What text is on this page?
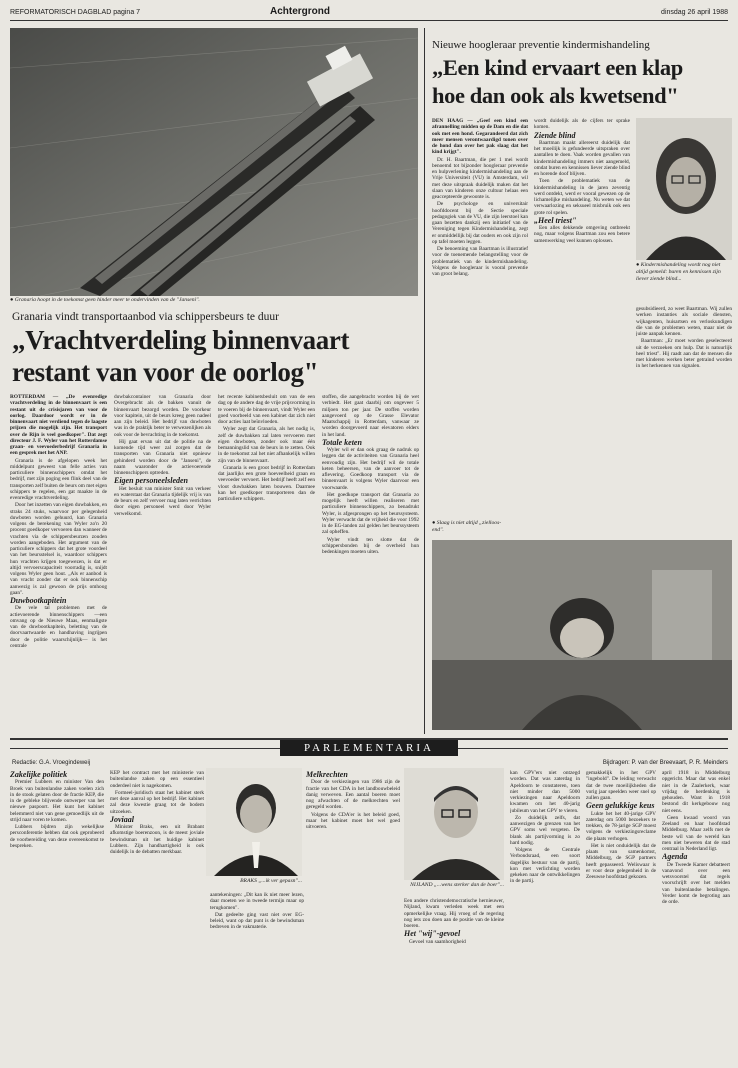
REFORMATORISCH DAGBLAD pagina 7	Achtergrond	dinsdag 26 april 1988
● Granaria hoopt in de toekomst geen hinder meer te ondervinden van de "Janseni".
Granaria vindt transportaanbod via schippersbeurs te duur
„Vrachtverdeling binnenvaart
restant van voor de oorlog"

ROTTERDAM — „De evenredige vrachtverdeling in de binnenvaart is een restant uit de crisisjaren van voor de oorlog. Daardoor wordt er in de binnenvaart niet verdiend tegen de laagste prijzen die mogelijk zijn. Het transport over de Rijn is veel goedkoper". Dat zegt directeur J. F. Wyler van het Rotterdamse graan- en veevoederbedrijf Granaria in een gesprek met het ANP.

Granaria is de afgelopen week het middelpunt geweest van felle acties van particuliere binnenschippers omdat het bedrijf, met zijn poging een flink deel van de transporten zelf buiten de beurs om met eigen schippers te regelen, een gat maakte in de evenredige vrachtverdeling.

Door het inzetten van eigen duwbakken, en straks 24 stuks, waarvoor per gelegenheid duwboten worden gehuurd, kan Granaria volgens de berekening van Wyler zo'n 20 procent goedkoper vervoeren dan wanneer de vrachten via de schippersbeurzen zouden worden aangeboden. Het argument van de particuliere schippers dat het grote voordeel van het beursstelsel is, waardoor schippers hun vrachten krijgen toegewezen, is dat er altijd vervoerscapaciteit voorradig is, snijdt volgens Wyler geen hout. „Als er aanbod is van vracht zonder dat er ook binnenschip aanwezig is zal gewoon de prijs omhoog gaan".

Duwbootkapitein

De vele tal problemen met de actievoerende binnenschippers —een omvang op de Nieuwe Maas, eenmaligste van de duwbootkapitein, beletting van de doorvaartwaarde en handhaving ingrijpen door de politie waarschijnlijk— is het centrale

duwbakcontainer van Granaria door Overgebracht als de bakken vanuit de binnenvaart bezorgd worden. De voorkeur voor kapitein, uit de beurs kreeg geen nadeel aan zijn beleid. Het bedrijf van duwboten was in de praktijk beter te verwezenlijken als ook voor de bevrachting in de toekomst.

Hij gaat ervan uit dat de politie na de komende tijd weer zal zorgen dat de transporten van Granaria niet opnieuw gehinderd worden door de "Janseni", de naam waaronder de actievoerende binnenschippers optreden.

Eigen personeelsleden

Het besluit van minister Smit van verkeer en waterstaat dat Granaria tijdelijk vrij is van de beurs en zelf vervoer mag laten verrichten door eigen personeel werd door Wyler verwelkomd.

het recente kabinetsbesluit om van de een dag op de andere dag de vrije prijsvorming in te voeren bij de binnenvaart, vindt Wyler een goed voorbeeld van een kabinet dat zich niet door acties laat beïnvloeden.

Wyler zegt dat Granaria, als het nodig is, zelf de duwbakken zal laten vervoeren met eigen duwboten, zonder ook maar één bemanningslid van de beurs in te zetten. Ook in de toekomst zal het niet afhankelijk willen zijn van de binnenvaart.

Granaria is een groot bedrijf in Rotterdam dat jaarlijks een grote hoeveelheid graan en veevoeder vervoert. Het bedrijf heeft zelf een vloot duwbakken laten bouwen. Daarmee kan het goedkoper transporteren dan de particuliere schippers.

stoffen, die aangebracht worden bij de wet verbiedt. Het gaat daarbij om ongeveer 5 miljoen ton per jaar. De stoffen worden aangevoerd op de Grasse Elevator Maatschappij in Rotterdam, vanwaar ze worden doorgevoerd naar elevatoren elders in het land.

Totale keten

Wyler wil er dan ook graag de nadruk op leggen dat de activiteiten van Granaria heel eenvoudig zijn. Het bedrijf wil de totale keten beheersen, van de aanvoer tot de aflevering. Goedkoop transport via de binnenvaart is volgens Wyler daarvoor een voorwaarde.

Het goedkope transport dat Granaria zo mogelijk heeft willen realiseren met particuliere binnenschippers, zo benadrukt Wyler, is afgesprongen op het beurssysteem. Wyler verwacht dat de vrijheid die voor 1992 in de EG-landen zal gelden het beurssysteem zal opheffen.

Wyler vindt ten slotte dat de schippersbonden bij de overheid hun bedenkingen moeten uiten.

Nieuwe hoogleraar preventie kindermishandeling
„Een kind ervaart een klap
hoe dan ook als kwetsend"

DEN HAAG — „Geef een kind een afrannelling midden op de Dam en die dat ook met een hond. Gegarandeerd dat zich meer mensen verontwaardigd tonen over de hond dan over het pak slaag dat het kind krijgt".

Dr. H. Baartman, die per 1 mei wordt benoemd tot bijzonder hoogleraar preventie en hulpverlening kindermishandeling aan de Vrije Universiteit (VU) in Amsterdam, wil met deze uitspraak duidelijk maken dat het slaan van kinderen onze cultuur helaas een geaccepteerde gewoonte is.

De psychologe en universitair hoofddocent bij de Sectie speciale pedagogiek van de VU, die zijn leerstoel kan gaan bezetten dankzij een initiatief van de Vereniging tegen Kindermishandeling, zegt er onmiddellijk bij dat ouders en ook zijn rol op tafel moeten leggen.

De benoeming van Baartman is illustratief voor de toenemende belangstelling voor de problematiek van de kindermishandeling. Volgens de hoogleraar is vooral preventie van groot belang.

● Slaag is niet altijd „zielloos-
end".

wordt duidelijk als de cijfers ter sprake komen.

Ziende blind

Baartman maakt allereerst duidelijk dat het moeilijk is gefundeerde uitspraken over aantallen te doen. Vaak worden gevallen van kindermishandeling immers niet aangemeld, omdat buren en kennissen liever ziende blind en horende doof blijven.

Toen de problematiek van de kindermishandeling in de jaren zeventig werd ontdekt, werd er vooral gewezen op de lichamelijke mishandeling. Nu weten we dat verwaarlozing en seksueel misbruik ook een grote rol spelen.

„Heel triest"

Een alles dekkende omgeving ontbreekt nog, maar volgens Baartman zou een betere samenwerking veel kunnen oplossen.

● Kindermishandeling wordt nog niet altijd gemeld: buren en kennissen zijn liever ziende blind...

gesubsidieerd, zo weet Baartman. Wij zullen werken instanties als sociale diensten, wijkagenten, huisartsen en verloskundigen die van de problemen weten, maar niet de juiste aanpak kennen.

Baartman: „Er moet worden geselecteerd uit de verzoeken om hulp. Dat is natuurlijk heel triest". Hij raadt aan dat de mensen die met kinderen werken beter getraind worden in het herkennen van signalen.

PARLEMENTARIA
Redactie: G.A. Vroegindeweij	Bijdragen: P. van der Breevaart, P. R. Meinders
Zakelijke politiek

Premier Lubbers en minister Van den Broek van buitenlandse zaken voelen zich in de stook gelaten door de fractie KEP, die in de gebleke blijvende ontwerper van het nieuwe paspoort. Het kunt het kabinet belemmerd niet van gene gemoedlijk uit de strijd naar voren te komen.

Lubbers bijdren zijn wekelijkse persconferentie hebben dat ook geprobeerd de voorbereiding van deze overeenkomst te bespreken.

KEP het contract met het ministerie van buitenlandse zaken op een essentieel onderdeel niet is nagekomen.

Formeel-juridisch staat het kabinet sterk met deze aanval op het bedrijf. Het kabinet zal deze kwestie graag tot de bodem uitzoeken.

Joviaal

Minister Braks, een uit Brabant afkomstige boerenzoon, is de meest joviale bewindsman uit het huidige kabinet Lubbers. Zijn handhartigheid is ook duidelijk in de debatten merkbaar.

BRAKS „...ik ver gepasn"...

aantekeningen: „Dit kan ik niet meer lezen, daar moeten we in tweede termijn maar op terugkomen".

Dat gedeelte ging vast niet over EG-beleid, want op dat punt is de bewindsman bedreven in de vakmaterie.

Melkrechten

Door de verkiezingen van 1986 zijn de fractie van het CDA in het landbouwbeleid danig verweven. Een aantal boeren moet nog afwachten of de melkrechten wel geregeld worden.

Volgens de CDA'er is het beleid goed, maar het kabinet moet het wel goed uitvoeren.

NIJLAND „...wens sterker dan de boer"...

Een andere christendemocratische hernieuwer, Nijland, kwam verleden week met een opmerkelijke vraag. Hij vroeg of de regering nog iets zou doen aan de positie van de kleine boeren.

Het "wij"-gevoel

Gevoel van saamhorigheid

kan GPV'ers niet ontzegd worden. Dat was zaterdag in Apeldoorn te constateren, toen niet minder dan 5000 verkiezingen naar Apeldoorn kwamen om het 40-jarig jubileum van het GPV te vieren.

Zo duidelijk zelfs, dat aanwezigen de grenzen van het GPV soms wel vergeten. De blank als partijvorming is zo hard nodig.

Volgens de Centrale Verbondsraad, een soort dagelijks bestuur van de partij, kon met verlichting worden gekeken naar de ontwikkelingen in de partij.

gemakkelijk in het GPV "ingebold". De leiding verwacht dat de twee moeilijkheden die vorig jaar speelden weer snel op zullen gaan.

Geen gelukkige keus

Lukte het het 40-jarige GPV zaterdag om 5000 bezoekers te trekken, de 78-jarige SGP moest volgens de verkiezingsreclame die plaats verhogen.

Het is niet onduidelijk dat de plaats van samenkomst, Middelburg, de SGP partners heeft gepasseerd. Weliswaar is er voor deze gelegenheid in de Zeeuwse hoofdstad gekozen.

april 1918 in Middelburg opgericht. Maar dat was enkel niet in de Zaalerkerk, waar vrijdag de herdenking is gehouden. Want in 1918 bestond dit kerkgebouw nog niet eens.

Geen kwaad woord van Zeeland en haar hoofdstad Middelburg. Maar zelfs met de beste wil van de wereld kan men niet beweren dat de stad centraal in Nederland ligt.

Agenda

De Tweede Kamer debatteert vanavond over een wetsvoorstel dat regels voorschrijft over het melden van buitenlandse betalingen. Verder komt de begroting aan de orde.
